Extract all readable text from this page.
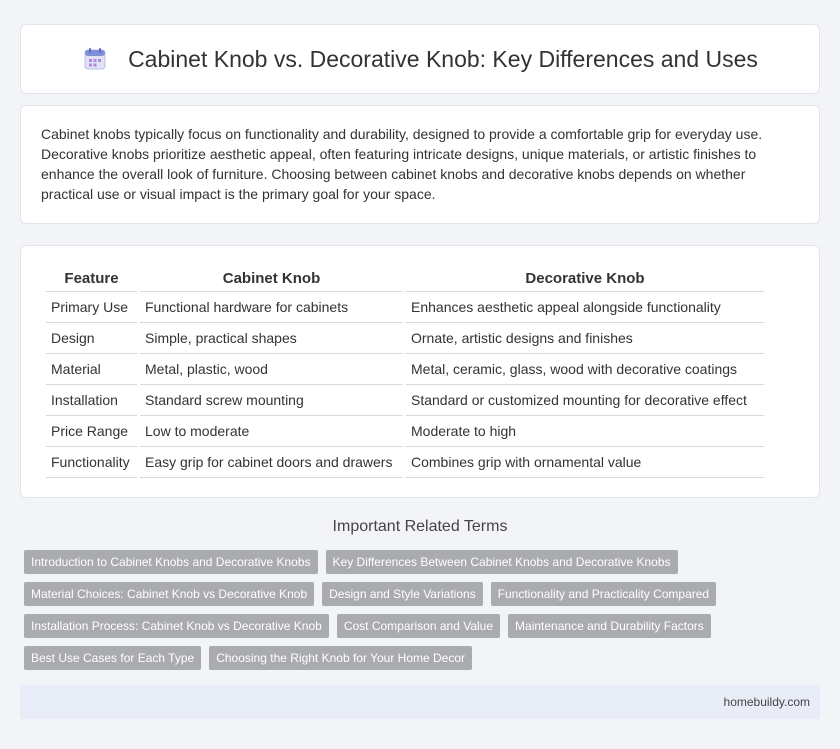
Cabinet Knob vs. Decorative Knob: Key Differences and Uses

Cabinet knobs typically focus on functionality and durability, designed to provide a comfortable grip for everyday use. Decorative knobs prioritize aesthetic appeal, often featuring intricate designs, unique materials, or artistic finishes to enhance the overall look of furniture. Choosing between cabinet knobs and decorative knobs depends on whether practical use or visual impact is the primary goal for your space.

Feature	Cabinet Knob	Decorative Knob
Primary Use	Functional hardware for cabinets	Enhances aesthetic appeal alongside functionality
Design	Simple, practical shapes	Ornate, artistic designs and finishes
Material	Metal, plastic, wood	Metal, ceramic, glass, wood with decorative coatings
Installation	Standard screw mounting	Standard or customized mounting for decorative effect
Price Range	Low to moderate	Moderate to high
Functionality	Easy grip for cabinet doors and drawers	Combines grip with ornamental value
Important Related Terms
Introduction to Cabinet Knobs and Decorative Knobs	Key Differences Between Cabinet Knobs and Decorative Knobs
Material Choices: Cabinet Knob vs Decorative Knob	Design and Style Variations	Functionality and Practicality Compared
Installation Process: Cabinet Knob vs Decorative Knob	Cost Comparison and Value	Maintenance and Durability Factors
Best Use Cases for Each Type	Choosing the Right Knob for Your Home Decor
homebuildy.com
